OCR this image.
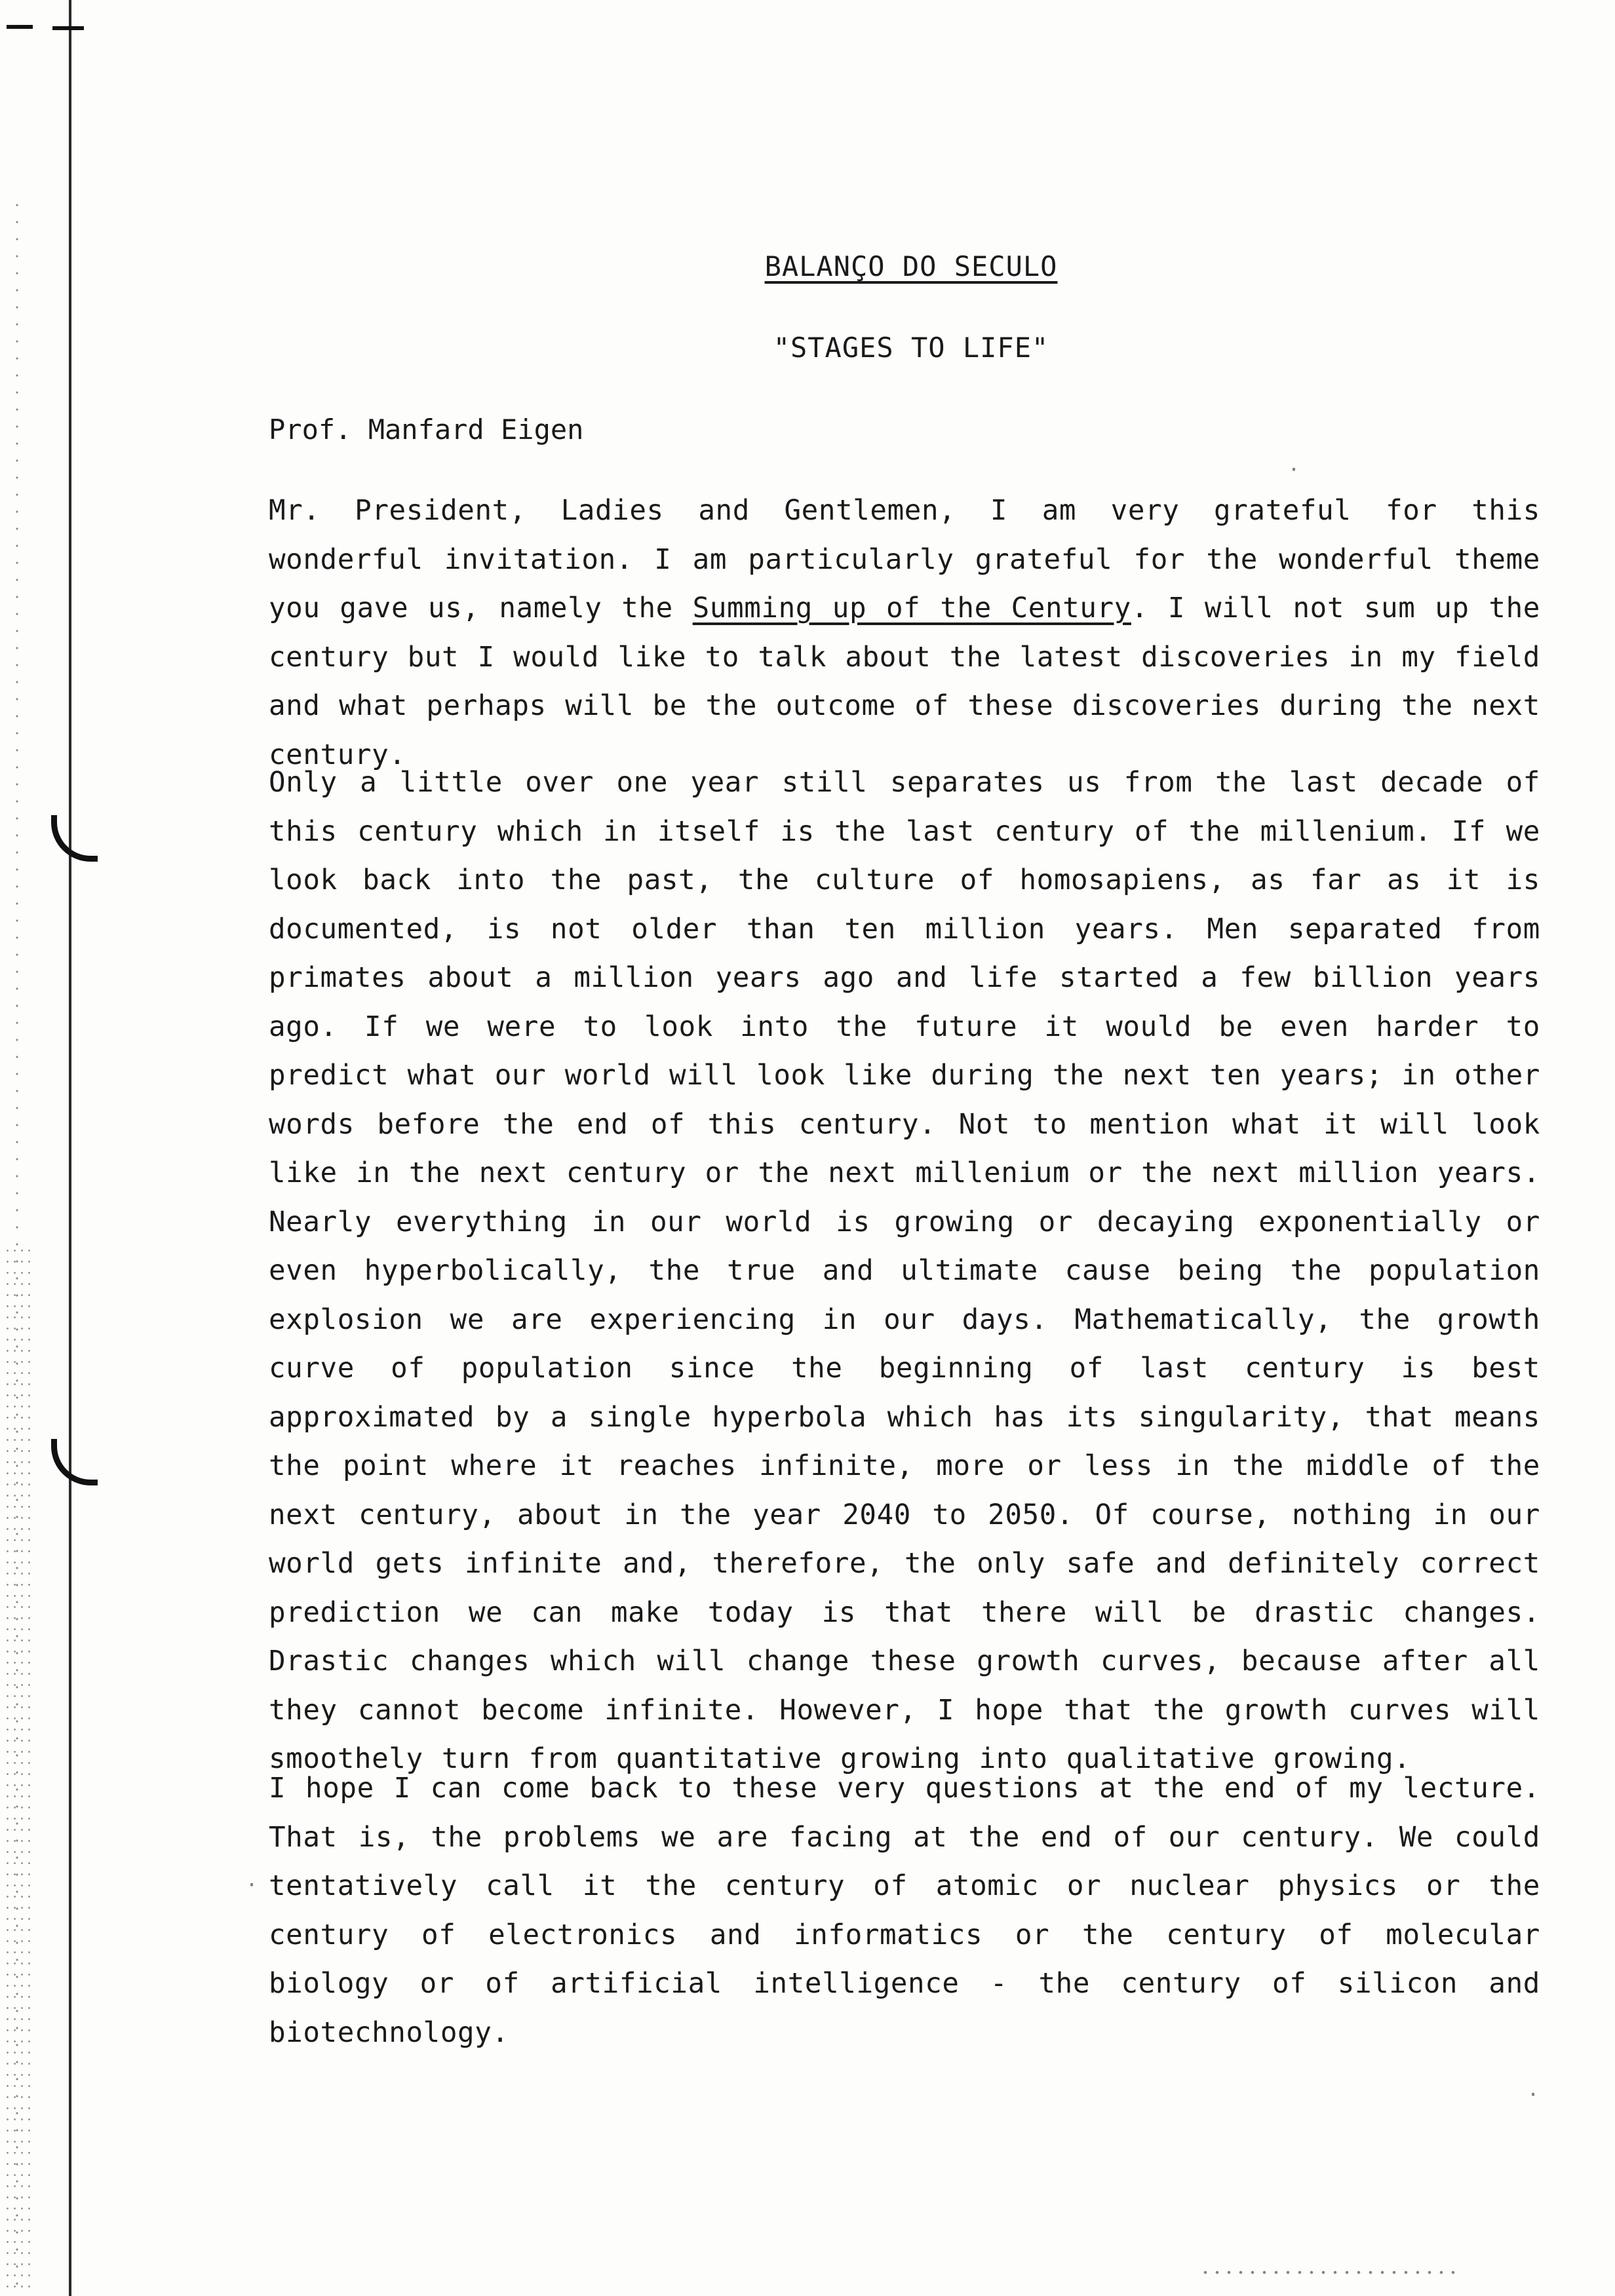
·
·
·
BALANÇO DO SECULO
"STAGES TO LIFE"
Prof. Manfard Eigen

Mr. President, Ladies and Gentlemen, I am very grateful for this wonderful invitation. I am particularly grateful for the wonderful theme you gave us, namely the Summing up of the Century. I will not sum up the century but I would like to talk about the latest discoveries in my field and what perhaps will be the outcome of these discoveries during the next century.

Only a little over one year still separates us from the last decade of this century which in itself is the last century of the millenium. If we look back into the past, the culture of homosapiens, as far as it is documented, is not older than ten million years. Men separated from primates about a million years ago and life started a few billion years ago. If we were to look into the future it would be even harder to predict what our world will look like during the next ten years; in other words before the end of this century. Not to mention what it will look like in the next century or the next millenium or the next million years. Nearly everything in our world is growing or decaying exponentially or even hyperbolically, the true and ultimate cause being the population explosion we are experiencing in our days. Mathematically, the growth curve of population since the beginning of last century is best approximated by a single hyperbola which has its singularity, that means the point where it reaches infinite, more or less in the middle of the next century, about in the year 2040 to 2050. Of course, nothing in our world gets infinite and, therefore, the only safe and definitely correct prediction we can make today is that there will be drastic changes. Drastic changes which will change these growth curves, because after all they cannot become infinite. However, I hope that the growth curves will smoothely turn from quantitative growing into qualitative growing.

I hope I can come back to these very questions at the end of my lecture. That is, the problems we are facing at the end of our century. We could tentatively call it the century of atomic or nuclear physics or the century of electronics and informatics or the century of molecular biology or of artificial intelligence - the century of silicon and biotechnology.
